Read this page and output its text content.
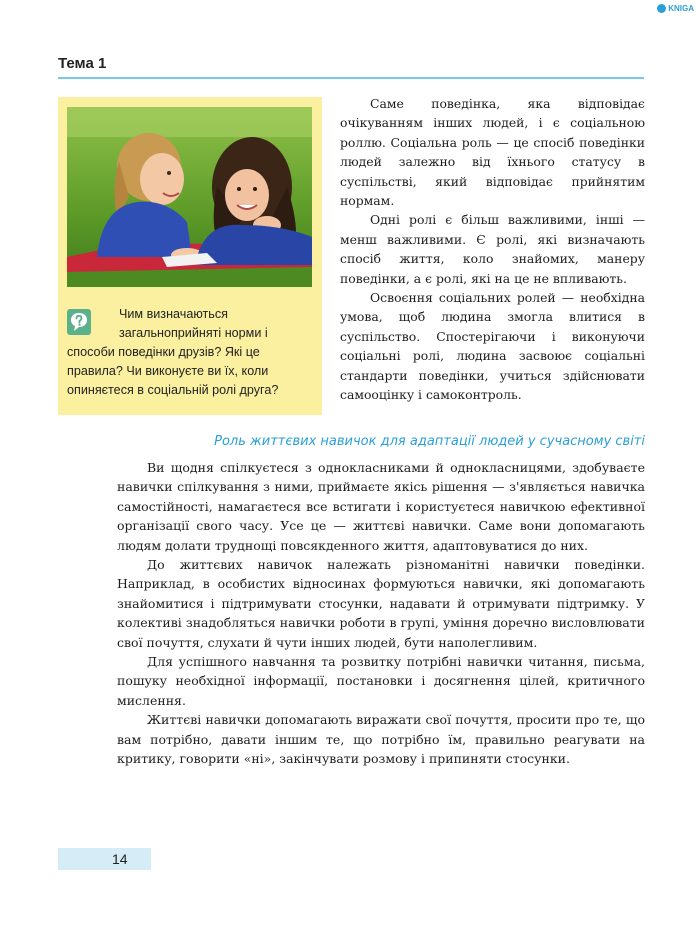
KNIGA
Тема 1

Чим визначаються загальноприйняті норми і способи поведінки друзів? Які це правила? Чи виконуєте ви їх, коли опиняєтеся в соціальній ролі друга?

Саме поведінка, яка відповідає очікуванням інших людей, і є соціальною роллю. Соціальна роль — це спосіб поведінки людей залежно від їхнього статусу в суспільстві, який відповідає прийнятим нормам.

Одні ролі є більш важливими, інші — менш важливими. Є ролі, які визначають спосіб життя, коло знайомих, манеру поведінки, а є ролі, які на це не впливають.

Освоєння соціальних ролей — необхідна умова, щоб людина змогла влитися в суспільство. Спостерігаючи і виконуючи соціальні ролі, людина засвоює соціальні стандарти поведінки, учиться здійснювати самооцінку і самоконтроль.

Роль життєвих навичок для адаптації людей у сучасному світі

Ви щодня спілкуєтеся з однокласниками й однокласницями, здобуваєте навички спілкування з ними, приймаєте якісь рішення — з'являється навичка самостійності, намагаєтеся все встигати і користуєтеся навичкою ефективної організації свого часу. Усе це — життєві навички. Саме вони допомагають людям долати труднощі повсякденного життя, адаптовуватися до них.

До життєвих навичок належать різноманітні навички поведінки. Наприклад, в особистих відносинах формуються навички, які допомагають знайомитися і підтримувати стосунки, надавати й отримувати підтримку. У колективі знадобляться навички роботи в групі, уміння доречно висловлювати свої почуття, слухати й чути інших людей, бути наполегливим.

Для успішного навчання та розвитку потрібні навички читання, письма, пошуку необхідної інформації, постановки і досягнення цілей, критичного мислення.

Життєві навички допомагають виражати свої почуття, просити про те, що вам потрібно, давати іншим те, що потрібно їм, правильно реагувати на критику, говорити «ні», закінчувати розмову і припиняти стосунки.

14
